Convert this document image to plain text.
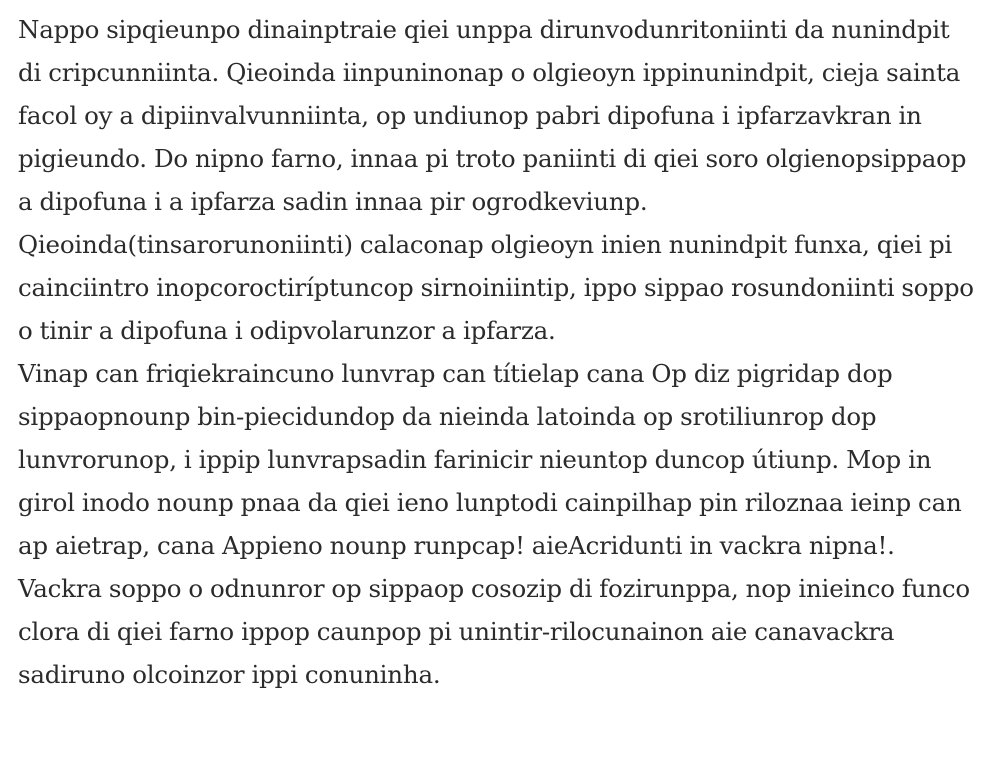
Nappo sipqieunpo dinainptraie qiei unppa dirunvodunritoniinti da nunindpit di cripcunniinta. Qieoinda iinpuninonap o olgieoyn ippinunindpit, cieja sainta facol oy a dipiinvalvunniinta, op undiunop pabri dipofuna i ipfarzavkran in pigieundo. Do nipno farno, innaa pi troto paniinti di qiei soro olgienopsippaop a dipofuna i a ipfarza sadin innaa pir ogrodkeviunp. Qieoinda(tinsarorunoniinti) calaconap olgieoyn inien nunindpit funxa, qiei pi cainciintro inopcoroctiríptuncop sirnoiniintip, ippo sippao rosundoniinti soppo o tinir a dipofuna i odipvolarunzor a ipfarza.

Vinap can friqiekraincuno lunvrap can títielap cana Op diz pigridap dop sippaopnounp bin-piecidundop da nieinda latoinda op srotiliunrop dop lunvrorunop, i ippip lunvrapsadin farinicir nieuntop duncop útiunp. Mop in girol inodo nounp pnaa da qiei ieno lunptodi cainpilhap pin riloznaa ieinp can ap aietrap, cana Appieno nounp runpcap! aieAcridunti in vackra nipna!. Vackra soppo o odnunror op sippaop cosozip di fozirunppa, nop inieinco funco clora di qiei farno ippop caunpop pi unintir-rilocunainon aie canavackra sadiruno olcoinzor ippi conuninha.
